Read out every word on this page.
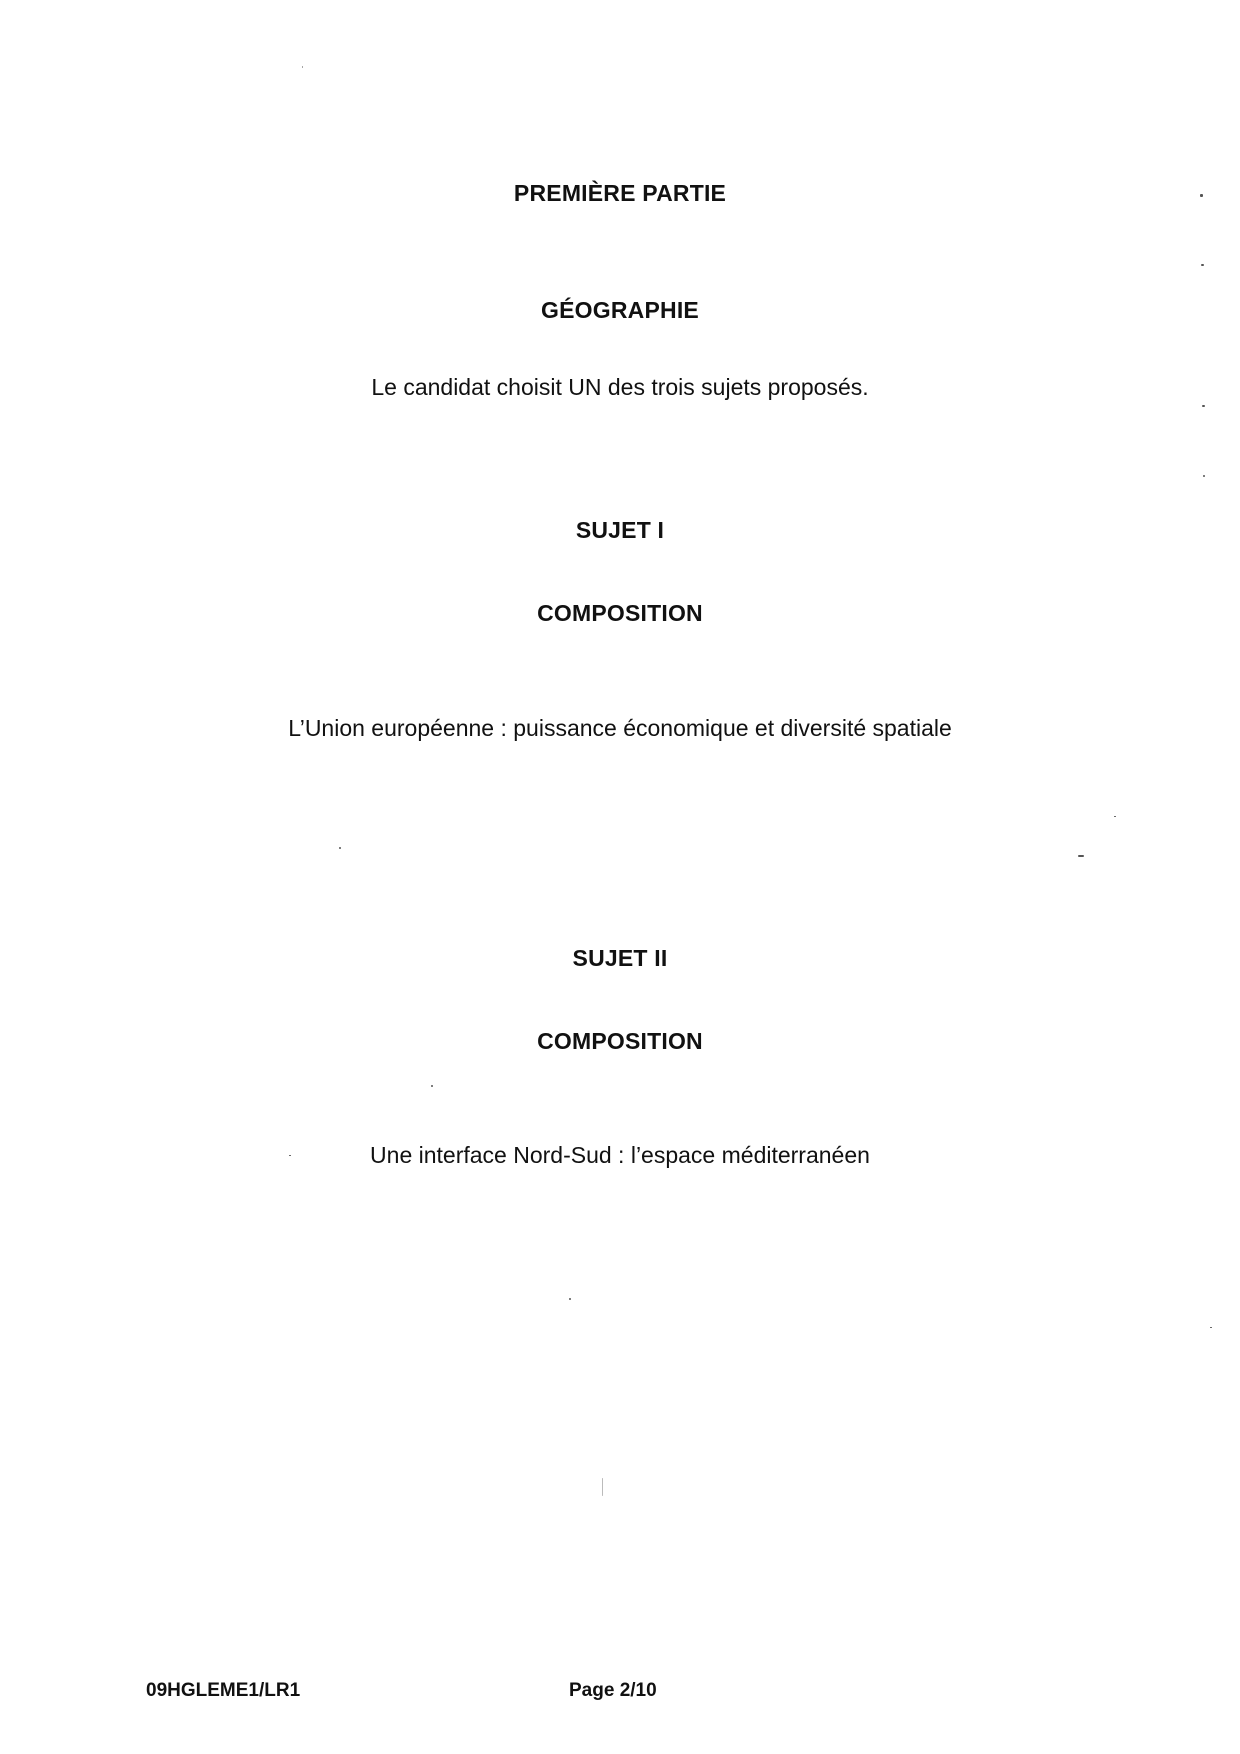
PREMIÈRE PARTIE
GÉOGRAPHIE
Le candidat choisit UN des trois sujets proposés.
SUJET I
COMPOSITION
L’Union européenne : puissance économique et diversité spatiale
SUJET II
COMPOSITION
Une interface Nord-Sud : l’espace méditerranéen
09HGLEME1/LR1	Page 2/10
